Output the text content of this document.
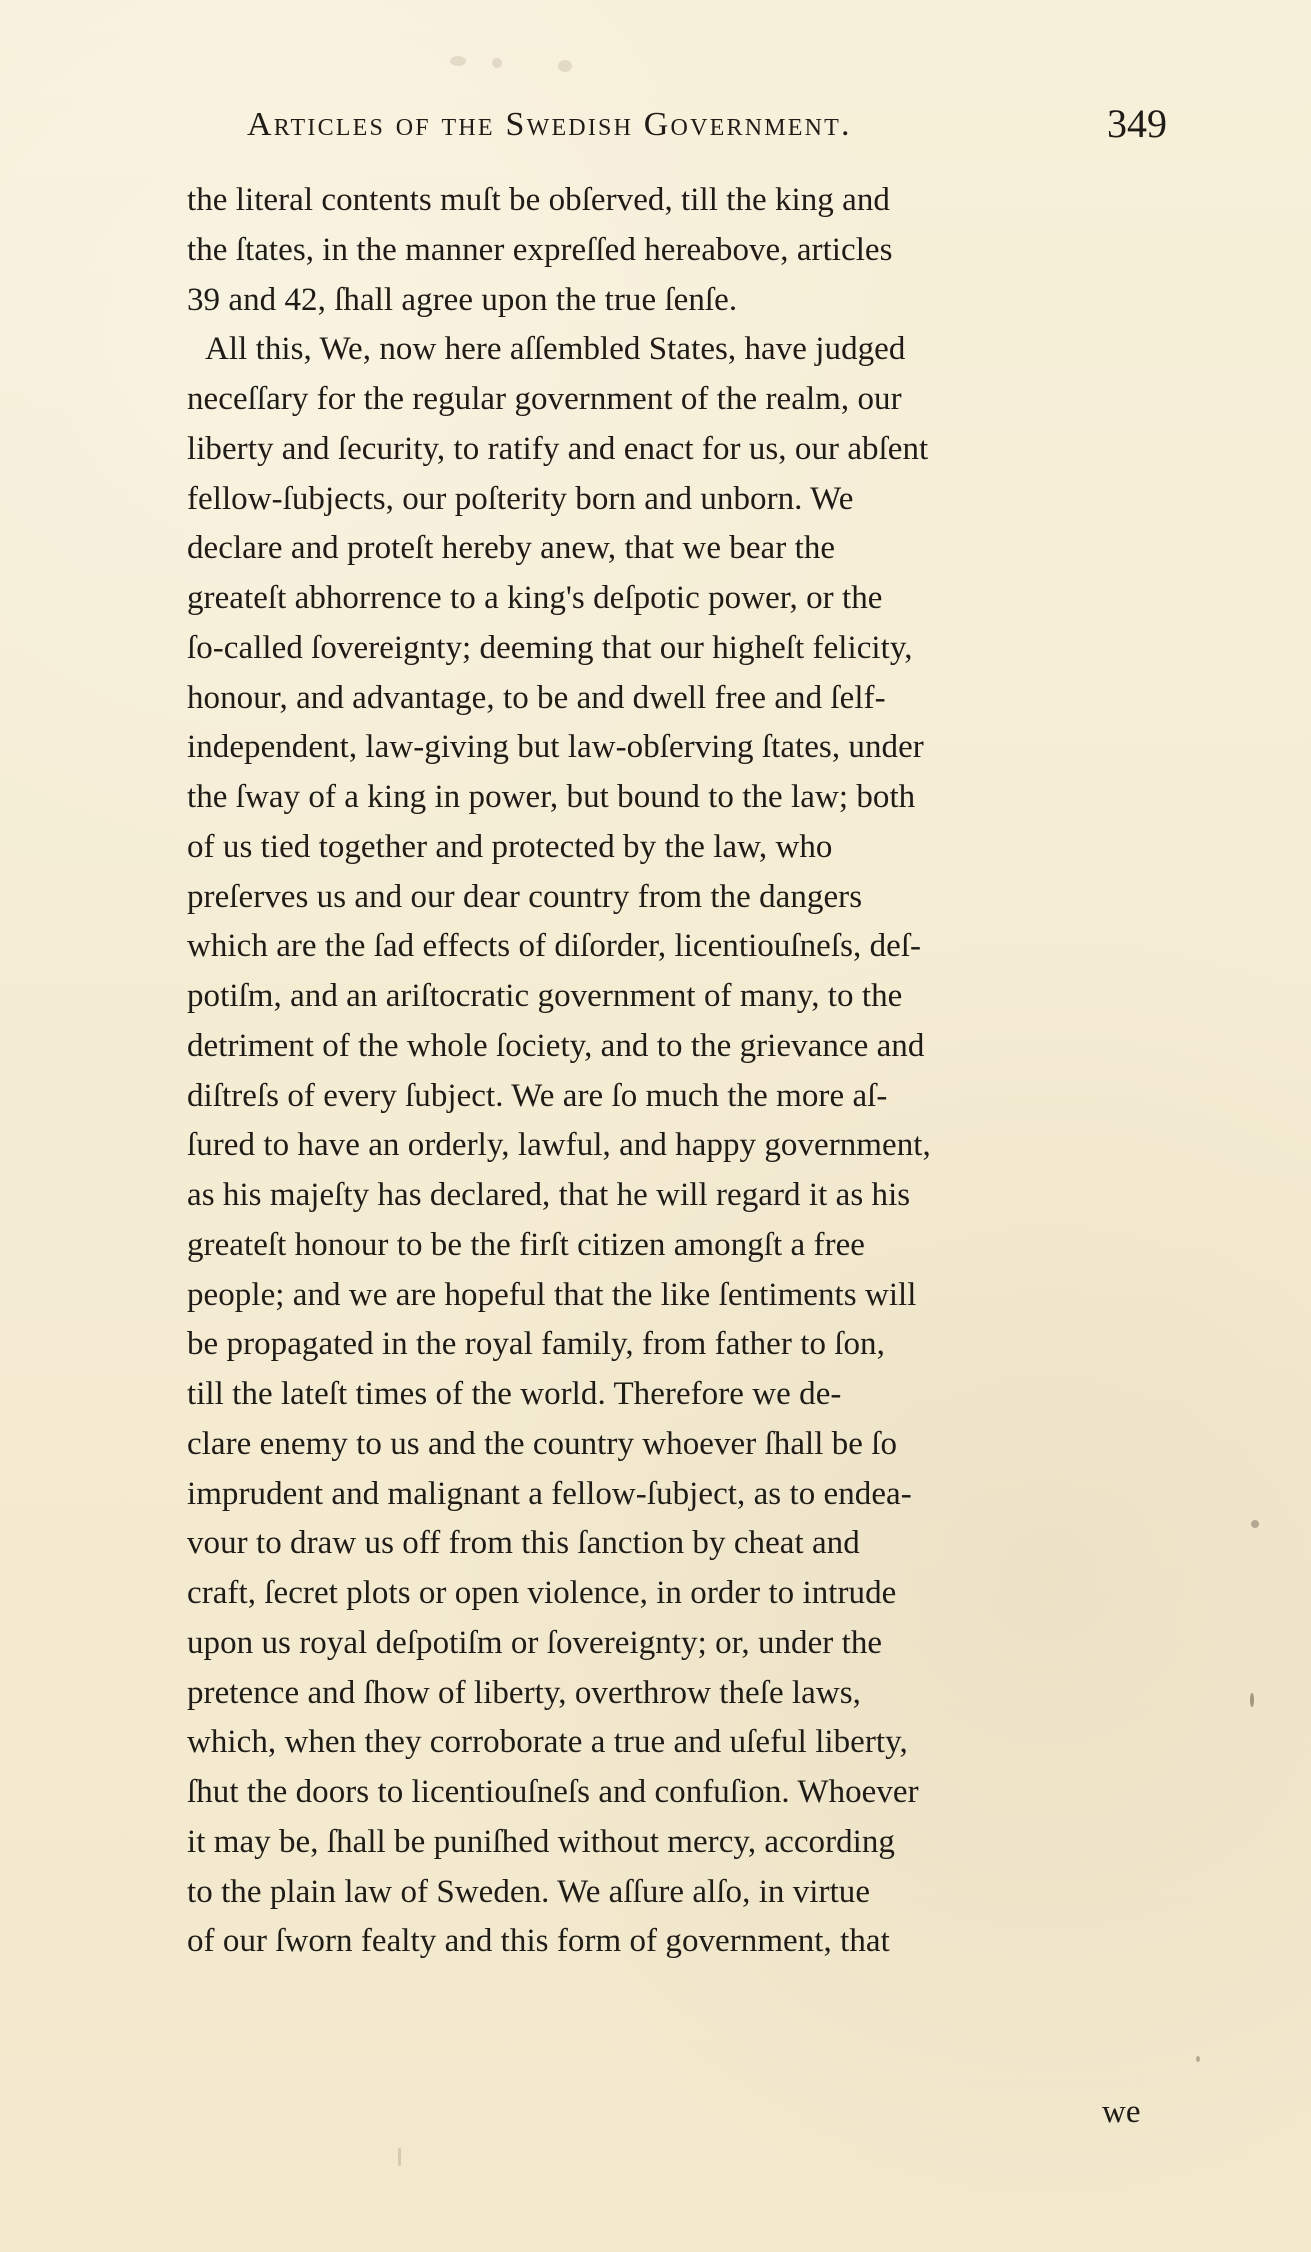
Articles of the Swedish Government.	349
the literal contents muſt be obſerved, till the king and
the ſtates, in the manner expreſſed hereabove, articles
39 and 42, ſhall agree upon the true ſenſe.
All this, We, now here aſſembled States, have judged
neceſſary for the regular government of the realm, our
liberty and ſecurity, to ratify and enact for us, our abſent
fellow-ſubjects, our poſterity born and unborn. We
declare and proteſt hereby anew, that we bear the
greateſt abhorrence to a king's deſpotic power, or the
ſo-called ſovereignty; deeming that our higheſt felicity,
honour, and advantage, to be and dwell free and ſelf-
independent, law-giving but law-obſerving ſtates, under
the ſway of a king in power, but bound to the law; both
of us tied together and protected by the law, who
preſerves us and our dear country from the dangers
which are the ſad effects of diſorder, licentiouſneſs, deſ-
potiſm, and an ariſtocratic government of many, to the
detriment of the whole ſociety, and to the grievance and
diſtreſs of every ſubject. We are ſo much the more aſ-
ſured to have an orderly, lawful, and happy government,
as his majeſty has declared, that he will regard it as his
greateſt honour to be the firſt citizen amongſt a free
people; and we are hopeful that the like ſentiments will
be propagated in the royal family, from father to ſon,
till the lateſt times of the world. Therefore we de-
clare enemy to us and the country whoever ſhall be ſo
imprudent and malignant a fellow-ſubject, as to endea-
vour to draw us off from this ſanction by cheat and
craft, ſecret plots or open violence, in order to intrude
upon us royal deſpotiſm or ſovereignty; or, under the
pretence and ſhow of liberty, overthrow theſe laws,
which, when they corroborate a true and uſeful liberty,
ſhut the doors to licentiouſneſs and confuſion. Whoever
it may be, ſhall be puniſhed without mercy, according
to the plain law of Sweden. We aſſure alſo, in virtue
of our ſworn fealty and this form of government, that
we
